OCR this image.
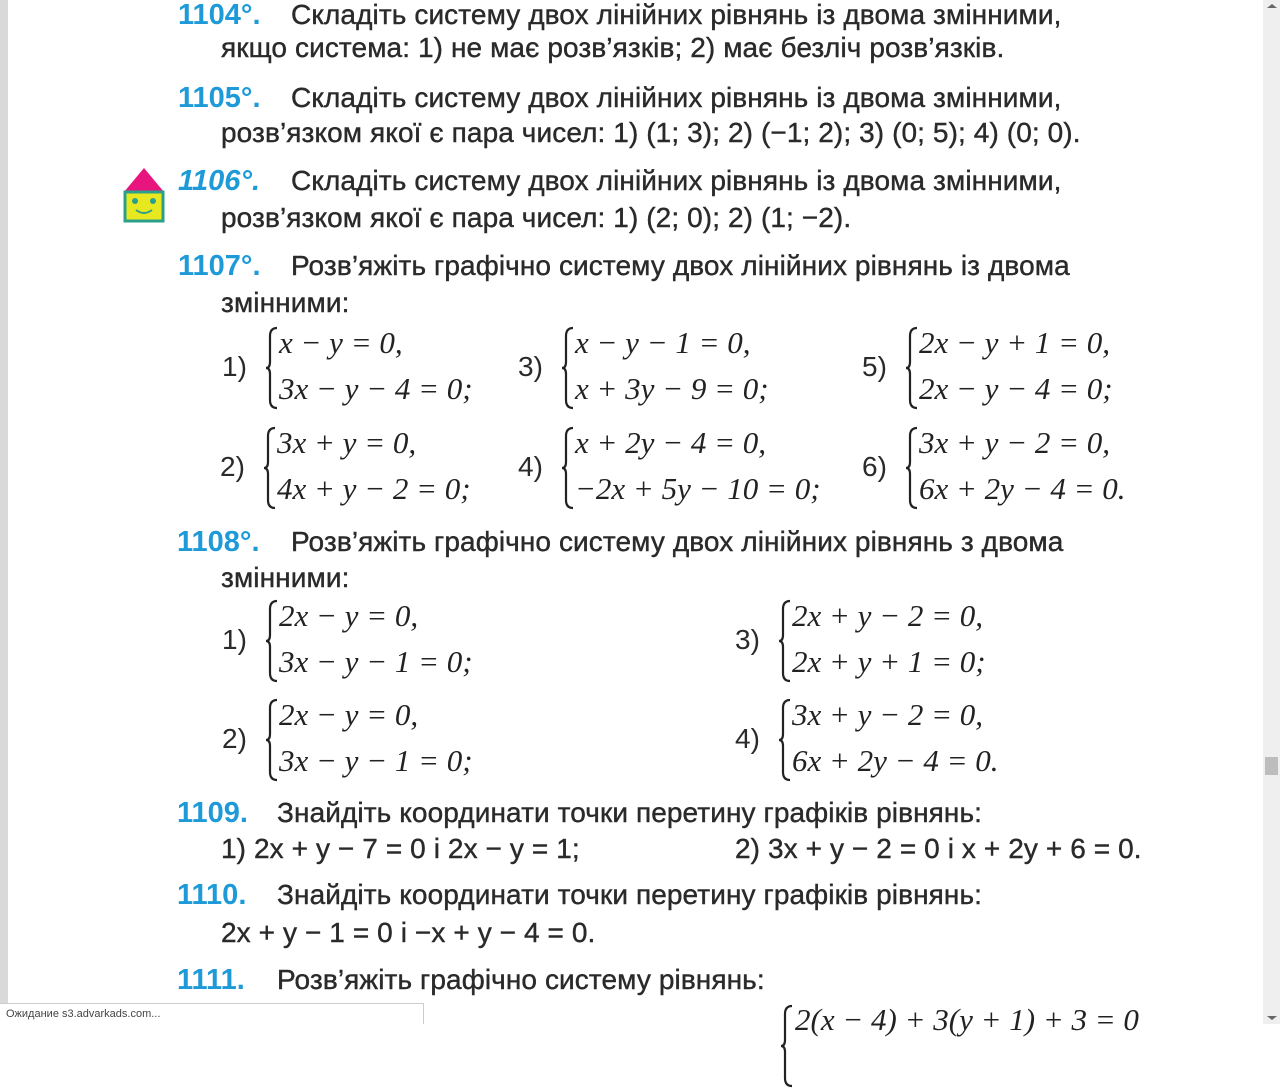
1104°. Складіть систему двох лінійних рівнянь із двома змінними,
якщо система: 1) не має розв’язків; 2) має безліч розв’язків.
1105°. Складіть систему двох лінійних рівнянь із двома змінними,
розв’язком якої є пара чисел: 1) (1; 3); 2) (−1; 2); 3) (0; 5); 4) (0; 0).
1106°. Складіть систему двох лінійних рівнянь із двома змінними,
розв’язком якої є пара чисел: 1) (2; 0); 2) (1; −2).
1107°. Розв’яжіть графічно систему двох лінійних рівнянь із двома
змінними:
1)
x − y = 0,
3x − y − 4 = 0;
2)
3x + y = 0,
4x + y − 2 = 0;
3)
x − y − 1 = 0,
x + 3y − 9 = 0;
4)
x + 2y − 4 = 0,
−2x + 5y − 10 = 0;
5)
2x − y + 1 = 0,
2x − y − 4 = 0;
6)
3x + y − 2 = 0,
6x + 2y − 4 = 0.
1108°. Розв’яжіть графічно систему двох лінійних рівнянь з двома
змінними:
1)
2x − y = 0,
3x − y − 1 = 0;
2)
2x − y = 0,
3x − y − 1 = 0;
3)
2x + y − 2 = 0,
2x + y + 1 = 0;
4)
3x + y − 2 = 0,
6x + 2y − 4 = 0.
1109. Знайдіть координати точки перетину графіків рівнянь:
1) 2x + y − 7 = 0 і 2x − y = 1;	2) 3x + y − 2 = 0 і x + 2y + 6 = 0.
1110. Знайдіть координати точки перетину графіків рівнянь:
2x + y − 1 = 0 і −x + y − 4 = 0.
1111. Розв’яжіть графічно систему рівнянь:
2(x − 4) + 3(y + 1) + 3 = 0
Ожидание s3.advarkads.com...
